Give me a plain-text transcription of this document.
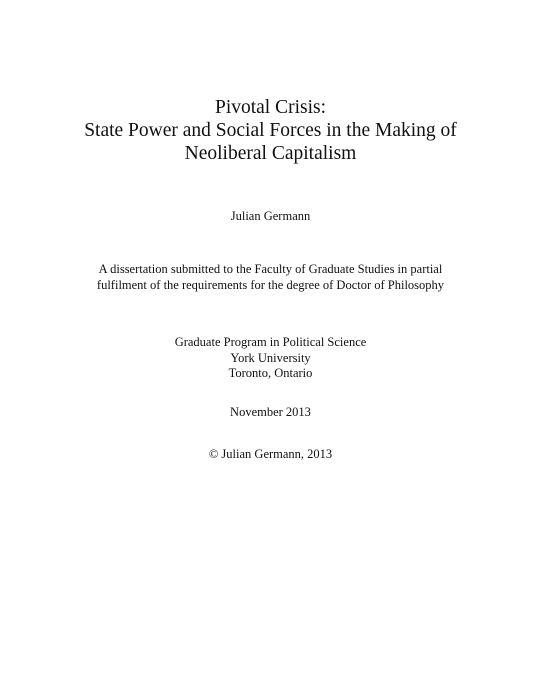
Pivotal Crisis:
State Power and Social Forces in the Making of
Neoliberal Capitalism
Julian Germann
A dissertation submitted to the Faculty of Graduate Studies in partial
fulfilment of the requirements for the degree of Doctor of Philosophy
Graduate Program in Political Science
York University
Toronto, Ontario
November 2013
© Julian Germann, 2013
